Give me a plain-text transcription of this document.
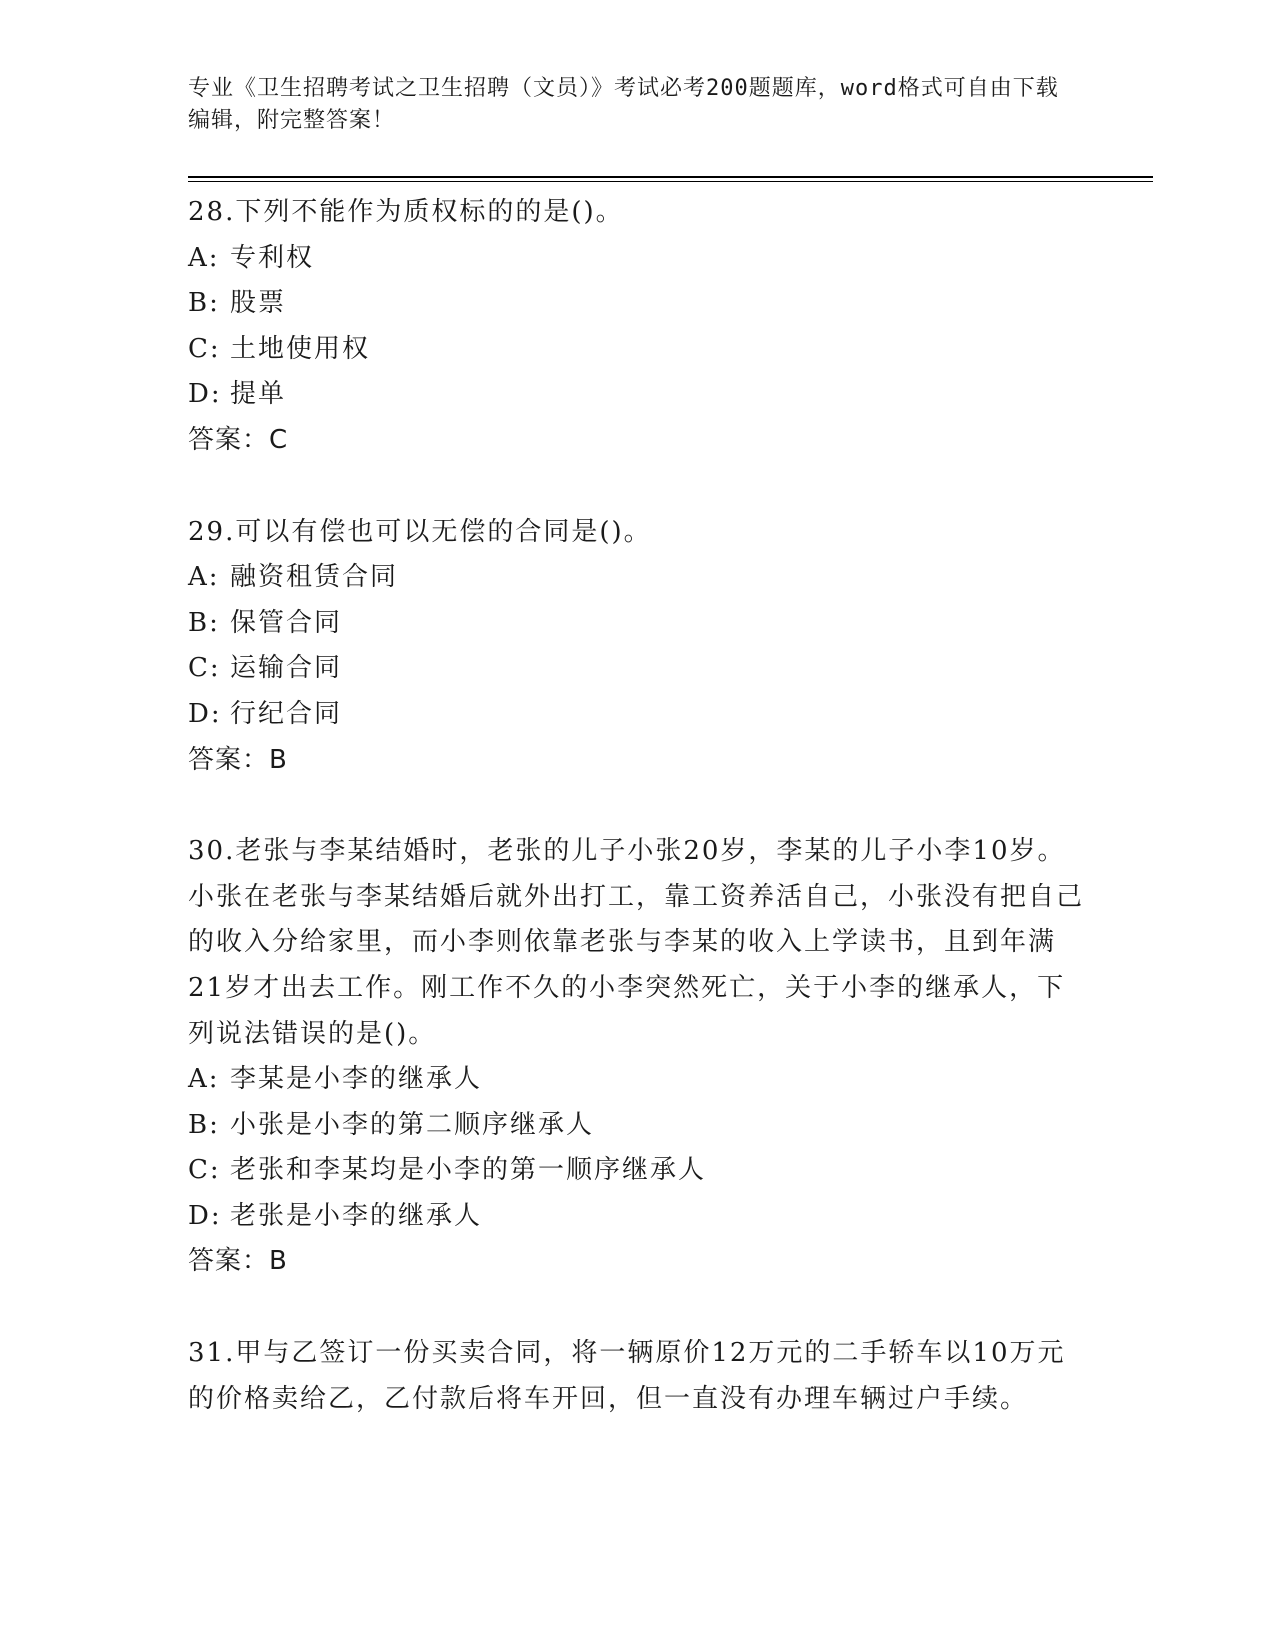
专业《卫生招聘考试之卫生招聘（文员）》考试必考200题题库，word格式可自由下载编辑，附完整答案！

28.下列不能作为质权标的的是()。

A: 专利权

B: 股票

C: 土地使用权

D: 提单

答案：C

29.可以有偿也可以无偿的合同是()。

A: 融资租赁合同

B: 保管合同

C: 运输合同

D: 行纪合同

答案：B

30.老张与李某结婚时，老张的儿子小张20岁，李某的儿子小李10岁。小张在老张与李某结婚后就外出打工，靠工资养活自己，小张没有把自己的收入分给家里，而小李则依靠老张与李某的收入上学读书，且到年满21岁才出去工作。刚工作不久的小李突然死亡，关于小李的继承人，下列说法错误的是()。

A: 李某是小李的继承人

B: 小张是小李的第二顺序继承人

C: 老张和李某均是小李的第一顺序继承人

D: 老张是小李的继承人

答案：B

31.甲与乙签订一份买卖合同，将一辆原价12万元的二手轿车以10万元的价格卖给乙，乙付款后将车开回，但一直没有办理车辆过户手续。
